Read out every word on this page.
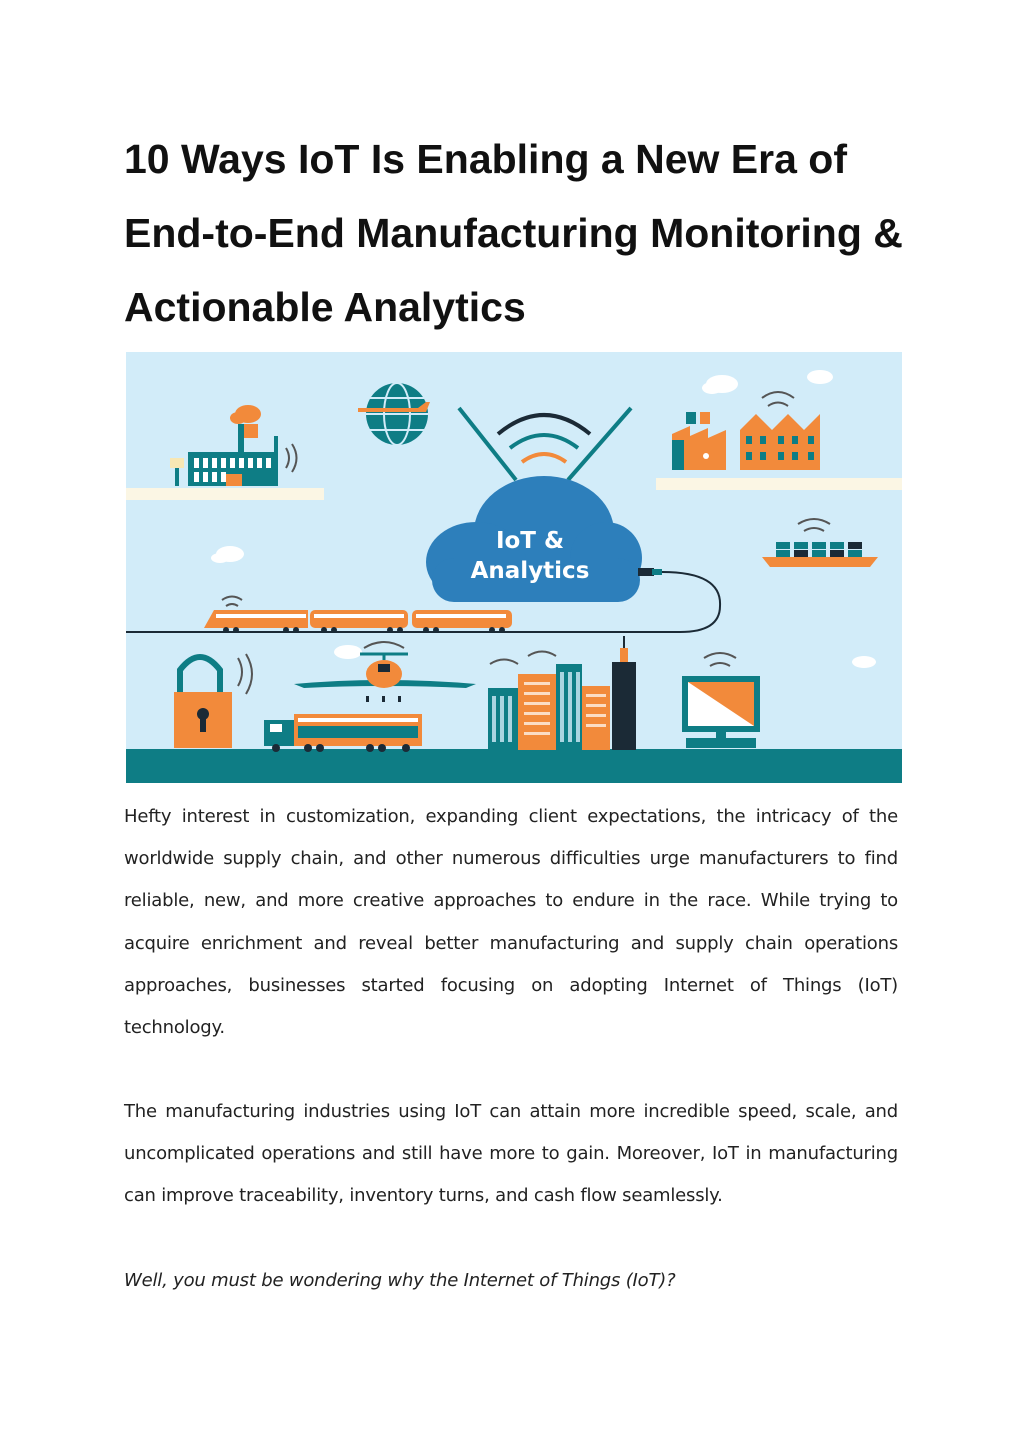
10 Ways IoT Is Enabling a New Era of End-to-End Manufacturing Monitoring & Actionable Analytics
IoT &
Analytics

Hefty interest in customization, expanding client expectations, the intricacy of the worldwide supply chain, and other numerous difficulties urge manufacturers to find reliable, new, and more creative approaches to endure in the race. While trying to acquire enrichment and reveal better manufacturing and supply chain operations approaches, businesses started focusing on adopting Internet of Things (IoT) technology.

The manufacturing industries using IoT can attain more incredible speed, scale, and uncomplicated operations and still have more to gain. Moreover, IoT in manufacturing can improve traceability, inventory turns, and cash flow seamlessly.

Well, you must be wondering why the Internet of Things (IoT)?
